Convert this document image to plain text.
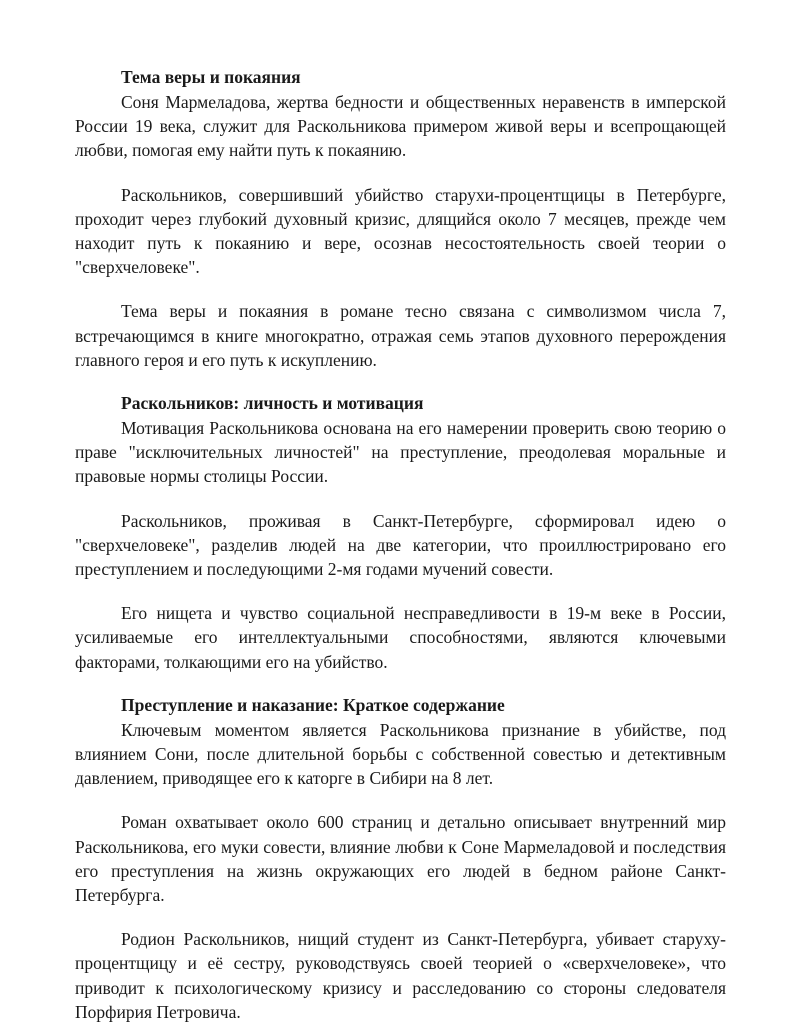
Тема веры и покаяния

Соня Мармеладова, жертва бедности и общественных неравенств в имперской России 19 века, служит для Раскольникова примером живой веры и всепрощающей любви, помогая ему найти путь к покаянию.

Раскольников, совершивший убийство старухи-процентщицы в Петербурге, проходит через глубокий духовный кризис, длящийся около 7 месяцев, прежде чем находит путь к покаянию и вере, осознав несостоятельность своей теории о "сверхчеловеке".

Тема веры и покаяния в романе тесно связана с символизмом числа 7, встречающимся в книге многократно, отражая семь этапов духовного перерождения главного героя и его путь к искуплению.

Раскольников: личность и мотивация

Мотивация Раскольникова основана на его намерении проверить свою теорию о праве "исключительных личностей" на преступление, преодолевая моральные и правовые нормы столицы России.

Раскольников, проживая в Санкт-Петербурге, сформировал идею о "сверхчеловеке", разделив людей на две категории, что проиллюстрировано его преступлением и последующими 2-мя годами мучений совести.

Его нищета и чувство социальной несправедливости в 19-м веке в России, усиливаемые его интеллектуальными способностями, являются ключевыми факторами, толкающими его на убийство.

Преступление и наказание: Краткое содержание

Ключевым моментом является Раскольникова признание в убийстве, под влиянием Сони, после длительной борьбы с собственной совестью и детективным давлением, приводящее его к каторге в Сибири на 8 лет.

Роман охватывает около 600 страниц и детально описывает внутренний мир Раскольникова, его муки совести, влияние любви к Соне Мармеладовой и последствия его преступления на жизнь окружающих его людей в бедном районе Санкт-Петербурга.

Родион Раскольников, нищий студент из Санкт-Петербурга, убивает старуху-процентщицу и её сестру, руководствуясь своей теорией о «сверхчеловеке», что приводит к психологическому кризису и расследованию со стороны следователя Порфирия Петровича.
